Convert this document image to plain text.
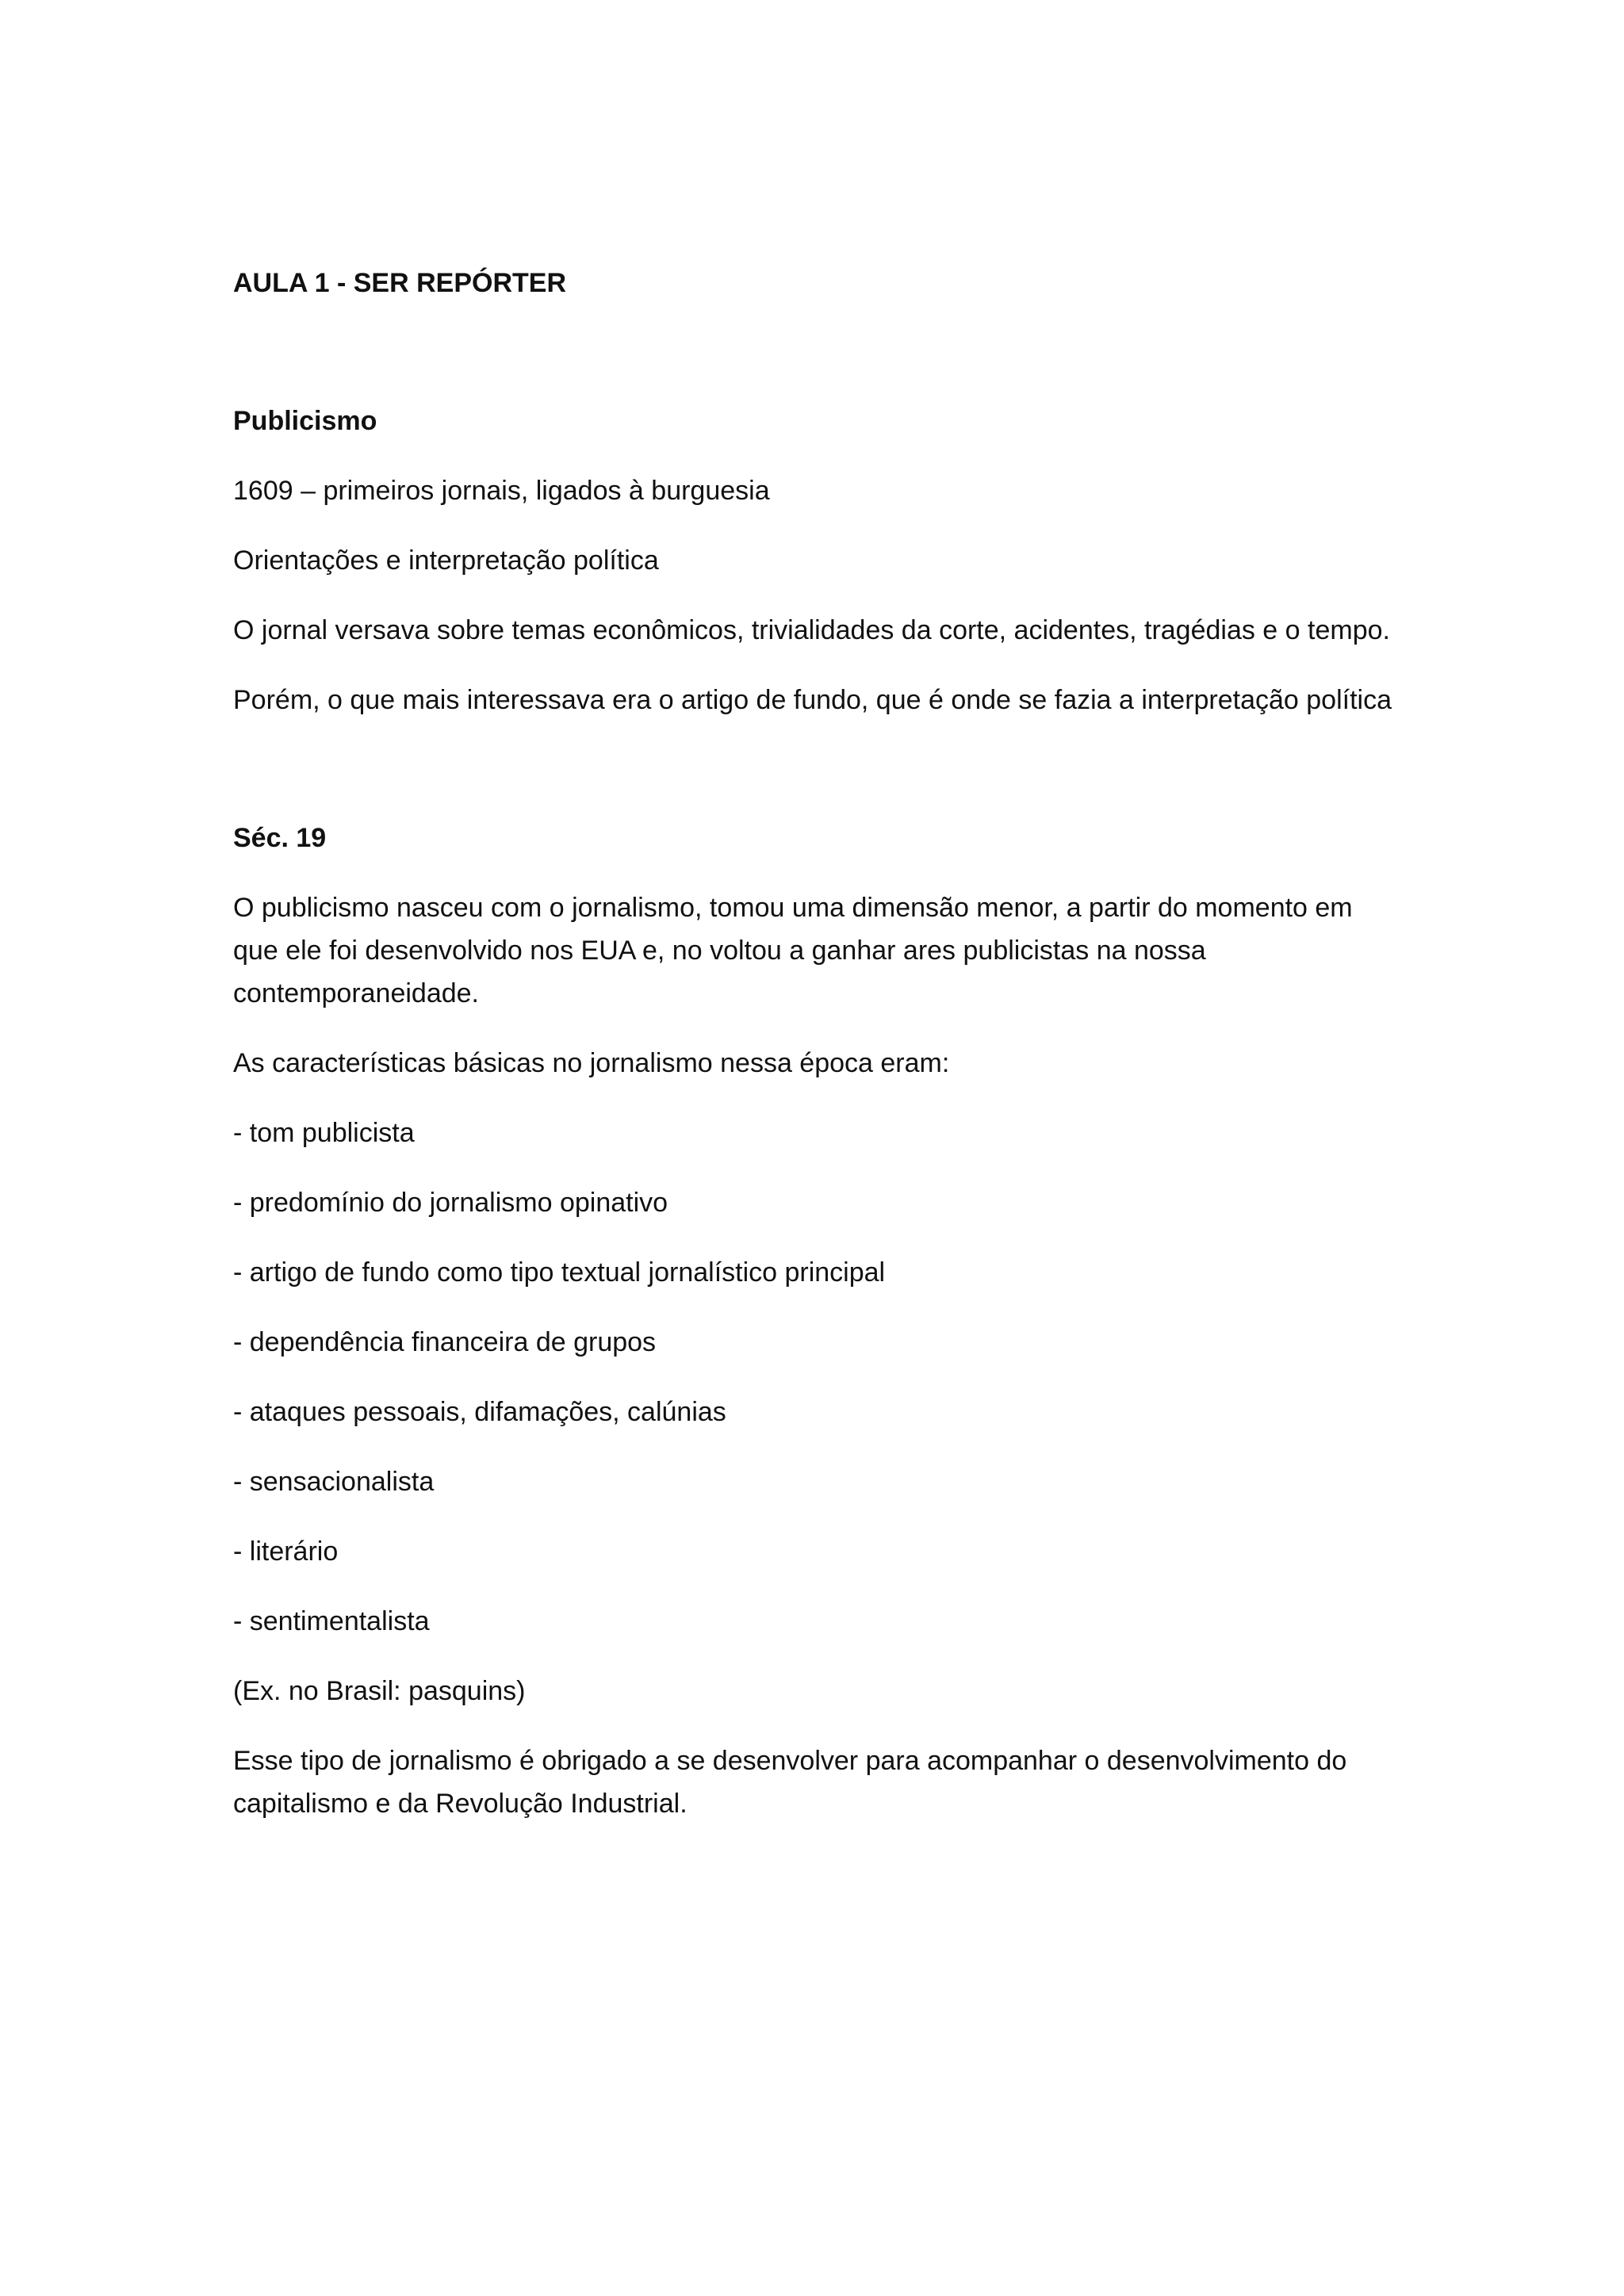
AULA 1 - SER REPÓRTER

Publicismo

1609 – primeiros jornais, ligados à burguesia

Orientações e interpretação política

O jornal versava sobre temas econômicos, trivialidades da corte, acidentes, tragédias e o tempo.

Porém, o que mais interessava era o artigo de fundo, que é onde se fazia a interpretação política

Séc. 19

O publicismo nasceu com o jornalismo, tomou uma dimensão menor, a partir do momento em que ele foi desenvolvido nos EUA e, no voltou a ganhar ares publicistas na nossa contemporaneidade.

As características básicas no jornalismo nessa época eram:

- tom publicista

- predomínio do jornalismo opinativo

- artigo de fundo como tipo textual jornalístico principal

- dependência financeira de grupos

- ataques pessoais, difamações, calúnias

- sensacionalista

- literário

- sentimentalista

(Ex. no Brasil: pasquins)

Esse tipo de jornalismo é obrigado a se desenvolver para acompanhar o desenvolvimento do capitalismo e da Revolução Industrial.
